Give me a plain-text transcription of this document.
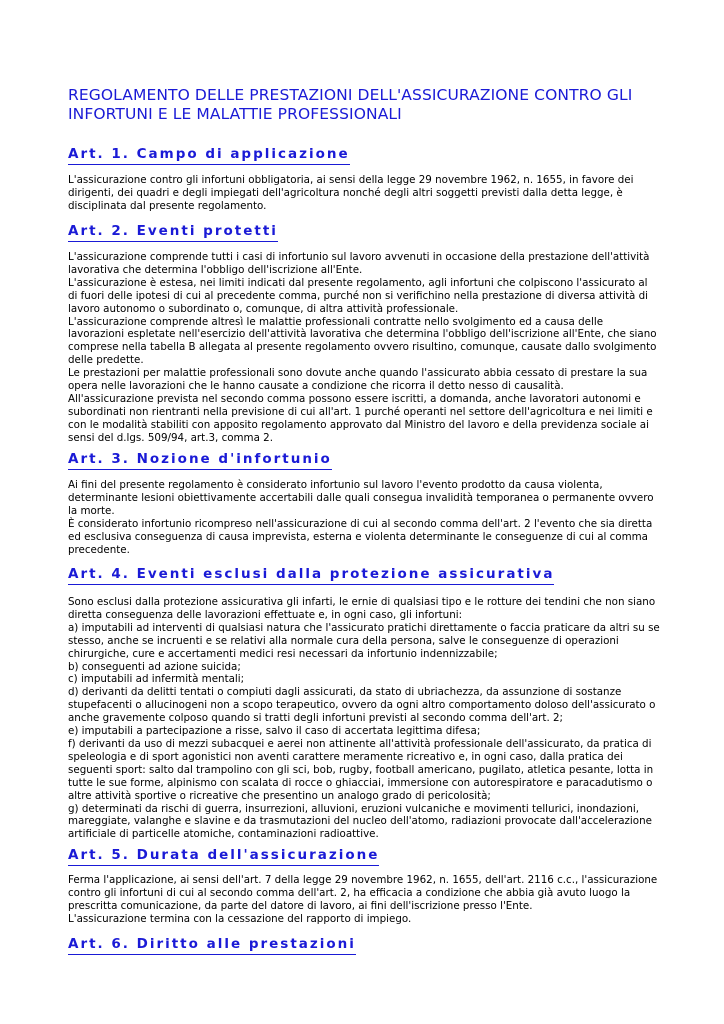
REGOLAMENTO DELLE PRESTAZIONI DELL'ASSICURAZIONE CONTRO GLI INFORTUNI E LE MALATTIE PROFESSIONALI
Art. 1. Campo di applicazione

L'assicurazione contro gli infortuni obbligatoria, ai sensi della legge 29 novembre 1962, n. 1655, in favore dei dirigenti, dei quadri e degli impiegati dell'agricoltura nonché degli altri soggetti previsti dalla detta legge, è disciplinata dal presente regolamento.

Art. 2. Eventi protetti

L'assicurazione comprende tutti i casi di infortunio sul lavoro avvenuti in occasione della prestazione dell'attività lavorativa che determina l'obbligo dell'iscrizione all'Ente.
L'assicurazione è estesa, nei limiti indicati dal presente regolamento, agli infortuni che colpiscono l'assicurato al di fuori delle ipotesi di cui al precedente comma, purché non si verifichino nella prestazione di diversa attività di lavoro autonomo o subordinato o, comunque, di altra attività professionale.
L'assicurazione comprende altresì le malattie professionali contratte nello svolgimento ed a causa delle lavorazioni espletate nell'esercizio dell'attività lavorativa che determina l'obbligo dell'iscrizione all'Ente, che siano comprese nella tabella B allegata al presente regolamento ovvero risultino, comunque, causate dallo svolgimento delle predette.
Le prestazioni per malattie professionali sono dovute anche quando l'assicurato abbia cessato di prestare la sua opera nelle lavorazioni che le hanno causate a condizione che ricorra il detto nesso di causalità.
All'assicurazione prevista nel secondo comma possono essere iscritti, a domanda, anche lavoratori autonomi e subordinati non rientranti nella previsione di cui all'art. 1 purché operanti nel settore dell'agricoltura e nei limiti e con le modalità stabiliti con apposito regolamento approvato dal Ministro del lavoro e della previdenza sociale ai sensi del d.lgs. 509/94, art.3, comma 2.

Art. 3. Nozione d'infortunio

Ai fini del presente regolamento è considerato infortunio sul lavoro l'evento prodotto da causa violenta, determinante lesioni obiettivamente accertabili dalle quali consegua invalidità temporanea o permanente ovvero la morte.
È considerato infortunio ricompreso nell'assicurazione di cui al secondo comma dell'art. 2 l'evento che sia diretta ed esclusiva conseguenza di causa imprevista, esterna e violenta determinante le conseguenze di cui al comma precedente.

Art. 4. Eventi esclusi dalla protezione assicurativa

Sono esclusi dalla protezione assicurativa gli infarti, le ernie di qualsiasi tipo e le rotture dei tendini che non siano diretta conseguenza delle lavorazioni effettuate e, in ogni caso, gli infortuni:
a) imputabili ad interventi di qualsiasi natura che l'assicurato pratichi direttamente o faccia praticare da altri su se stesso, anche se incruenti e se relativi alla normale cura della persona, salve le conseguenze di operazioni chirurgiche, cure e accertamenti medici resi necessari da infortunio indennizzabile;
b) conseguenti ad azione suicida;
c) imputabili ad infermità mentali;
d) derivanti da delitti tentati o compiuti dagli assicurati, da stato di ubriachezza, da assunzione di sostanze stupefacenti o allucinogeni non a scopo terapeutico, ovvero da ogni altro comportamento doloso dell'assicurato o anche gravemente colposo quando si tratti degli infortuni previsti al secondo comma dell'art. 2;
e) imputabili a partecipazione a risse, salvo il caso di accertata legittima difesa;
f) derivanti da uso di mezzi subacquei e aerei non attinente all'attività professionale dell'assicurato, da pratica di speleologia e di sport agonistici non aventi carattere meramente ricreativo e, in ogni caso, dalla pratica dei seguenti sport: salto dal trampolino con gli sci, bob, rugby, football americano, pugilato, atletica pesante, lotta in tutte le sue forme, alpinismo con scalata di rocce o ghiacciai, immersione con autorespiratore e paracadutismo o altre attività sportive o ricreative che presentino un analogo grado di pericolosità;
g) determinati da rischi di guerra, insurrezioni, alluvioni, eruzioni vulcaniche e movimenti tellurici, inondazioni, mareggiate, valanghe e slavine e da trasmutazioni del nucleo dell'atomo, radiazioni provocate dall'accelerazione artificiale di particelle atomiche, contaminazioni radioattive.

Art. 5. Durata dell'assicurazione

Ferma l'applicazione, ai sensi dell'art. 7 della legge 29 novembre 1962, n. 1655, dell'art. 2116 c.c., l'assicurazione contro gli infortuni di cui al secondo comma dell'art. 2, ha efficacia a condizione che abbia già avuto luogo la prescritta comunicazione, da parte del datore di lavoro, ai fini dell'iscrizione presso l'Ente.
L'assicurazione termina con la cessazione del rapporto di impiego.

Art. 6. Diritto alle prestazioni
